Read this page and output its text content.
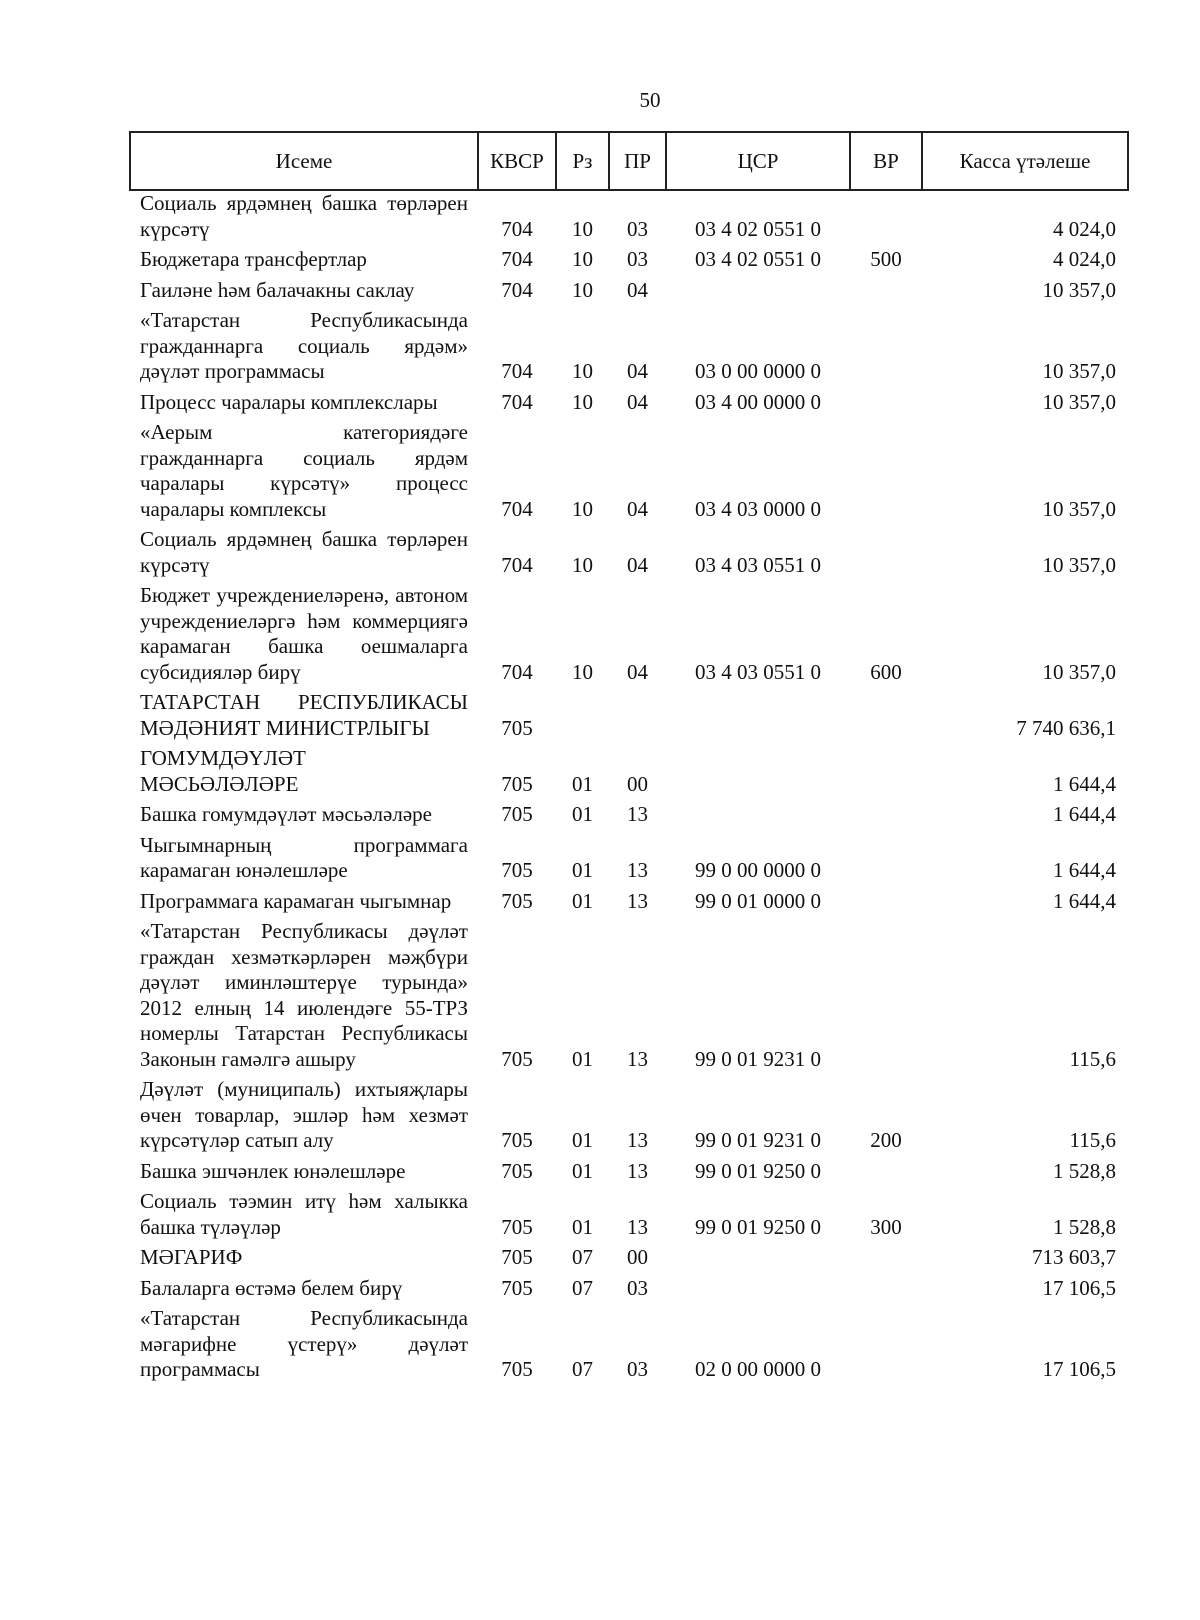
50
Исеме	КВСР	Рз	ПР	ЦСР	ВР	Касса үтәлеше
Социаль ярдәмнең башка төрләрен күрсәтү	704	10	03	03 4 02 0551 0		4 024,0
Бюджетара трансфертлар	704	10	03	03 4 02 0551 0	500	4 024,0
Гаиләне һәм балачакны саклау	704	10	04			10 357,0
«Татарстан Республикасында гражданнарга социаль ярдәм» дәүләт программасы	704	10	04	03 0 00 0000 0		10 357,0
Процесс чаралары комплекслары	704	10	04	03 4 00 0000 0		10 357,0
«Аерым категориядәге гражданнарга социаль ярдәм чаралары күрсәтү» процесс чаралары комплексы	704	10	04	03 4 03 0000 0		10 357,0
Социаль ярдәмнең башка төрләрен күрсәтү	704	10	04	03 4 03 0551 0		10 357,0
Бюджет учреждениеләренә, автоном учреждениеләргә һәм коммерциягә карамаган башка оешмаларга субсидияләр бирү	704	10	04	03 4 03 0551 0	600	10 357,0
ТАТАРСТАН РЕСПУБЛИКАСЫ МӘДӘНИЯТ МИНИСТРЛЫГЫ	705					7 740 636,1
ГОМУМДӘҮЛӘТ МӘСЬӘЛӘЛӘРЕ	705	01	00			1 644,4
Башка гомумдәүләт мәсьәләләре	705	01	13			1 644,4
Чыгымнарның программага карамаган юнәлешләре	705	01	13	99 0 00 0000 0		1 644,4
Программага карамаган чыгымнар	705	01	13	99 0 01 0000 0		1 644,4
«Татарстан Республикасы дәүләт граждан хезмәткәрләрен мәҗбүри дәүләт иминләштерүе турында» 2012 елның 14 июлендәге 55-ТРЗ номерлы Татарстан Республикасы Законын гамәлгә ашыру	705	01	13	99 0 01 9231 0		115,6
Дәүләт (муниципаль) ихтыяҗлары өчен товарлар, эшләр һәм хезмәт күрсәтүләр сатып алу	705	01	13	99 0 01 9231 0	200	115,6
Башка эшчәнлек юнәлешләре	705	01	13	99 0 01 9250 0		1 528,8
Социаль тәэмин итү һәм халыкка башка түләүләр	705	01	13	99 0 01 9250 0	300	1 528,8
МӘГАРИФ	705	07	00			713 603,7
Балаларга өстәмә белем бирү	705	07	03			17 106,5
«Татарстан Республикасында мәгарифне үстерү» дәүләт программасы	705	07	03	02 0 00 0000 0		17 106,5
